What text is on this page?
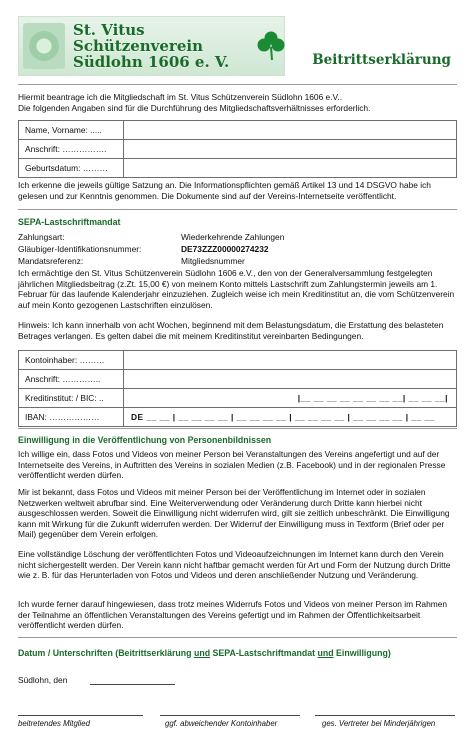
St. Vitus Schützenverein
Südlohn 1606 e. V.	Beitrittserklärung

Hiermit beantrage ich die Mitgliedschaft im St. Vitus Schützenverein Südlohn 1606 e.V..

Die folgenden Angaben sind für die Durchführung des Mitgliedschaftsverhältnisses erforderlich.

Name, Vorname: .....
Anschrift: …………….
Geburtsdatum: ………
Ich erkenne die jeweils gültige Satzung an. Die Informationspflichten gemäß Artikel 13 und 14 DSGVO habe ich gelesen und zur Kenntnis genommen. Die Dokumente sind auf der Vereins-Internetseite veröffentlicht.
SEPA-Lastschriftmandat
Zahlungsart:	Wiederkehrende Zahlungen
Gläubiger-Identifikationsnummer:	DE73ZZZ00000274232
Mandatsreferenz:	Mitgliedsnummer
Ich ermächtige den St. Vitus Schützenverein Südlohn 1606 e.V., den von der Generalversammlung festgelegten jährlichen Mitgliedsbeitrag (z.Zt. 15,00 €) von meinem Konto mittels Lastschrift zum Zahlungstermin jeweils am 1. Februar für das laufende Kalenderjahr einzuziehen. Zugleich weise ich mein Kreditinstitut an, die vom Schützenverein auf mein Konto gezogenen Lastschriften einzulösen.
Hinweis: Ich kann innerhalb von acht Wochen, beginnend mit dem Belastungsdatum, die Erstattung des belasteten Betrages verlangen. Es gelten dabei die mit meinem Kreditinstitut vereinbarten Bedingungen.
Kontoinhaber: ………
Anschrift: …………..
Kreditinstitut: / BIC: ..	|__ __ __ __ __ __ __ __| __ __ __|
IBAN: ………………	DE __ __ | __ __ __ __ | __ __ __ __ | __ __ __ __ | __ __ __ __ | __ __
Einwilligung in die Veröffentlichung von Personenbildnissen
Ich willige ein, dass Fotos und Videos von meiner Person bei Veranstaltungen des Vereins angefertigt und auf der Internetseite des Vereins, in Auftritten des Vereins in sozialen Medien (z.B. Facebook) und in der regionalen Presse veröffentlicht werden dürfen.
Mir ist bekannt, dass Fotos und Videos mit meiner Person bei der Veröffentlichung im Internet oder in sozialen Netzwerken weltweit abrufbar sind. Eine Weiterverwendung oder Veränderung durch Dritte kann hierbei nicht ausgeschlossen werden. Soweit die Einwilligung nicht widerrufen wird, gilt sie zeitlich unbeschränkt. Die Einwilligung kann mit Wirkung für die Zukunft widerrufen werden. Der Widerruf der Einwilligung muss in Textform (Brief oder per Mail) gegenüber dem Verein erfolgen.
Eine vollständige Löschung der veröffentlichten Fotos und Videoaufzeichnungen im Internet kann durch den Verein nicht sichergestellt werden. Der Verein kann nicht haftbar gemacht werden für Art und Form der Nutzung durch Dritte wie z. B. für das Herunterladen von Fotos und Videos und deren anschließender Nutzung und Veränderung.
Ich wurde ferner darauf hingewiesen, dass trotz meines Widerrufs Fotos und Videos von meiner Person im Rahmen der Teilnahme an öffentlichen Veranstaltungen des Vereins gefertigt und im Rahmen der Öffentlichkeitsarbeit veröffentlicht werden dürfen.
Datum / Unterschriften (Beitrittserklärung und SEPA-Lastschriftmandat und Einwilligung)
Südlohn, den
beitretendes Mitglied	ggf. abweichender Kontoinhaber	ges. Vertreter bei Minderjährigen
